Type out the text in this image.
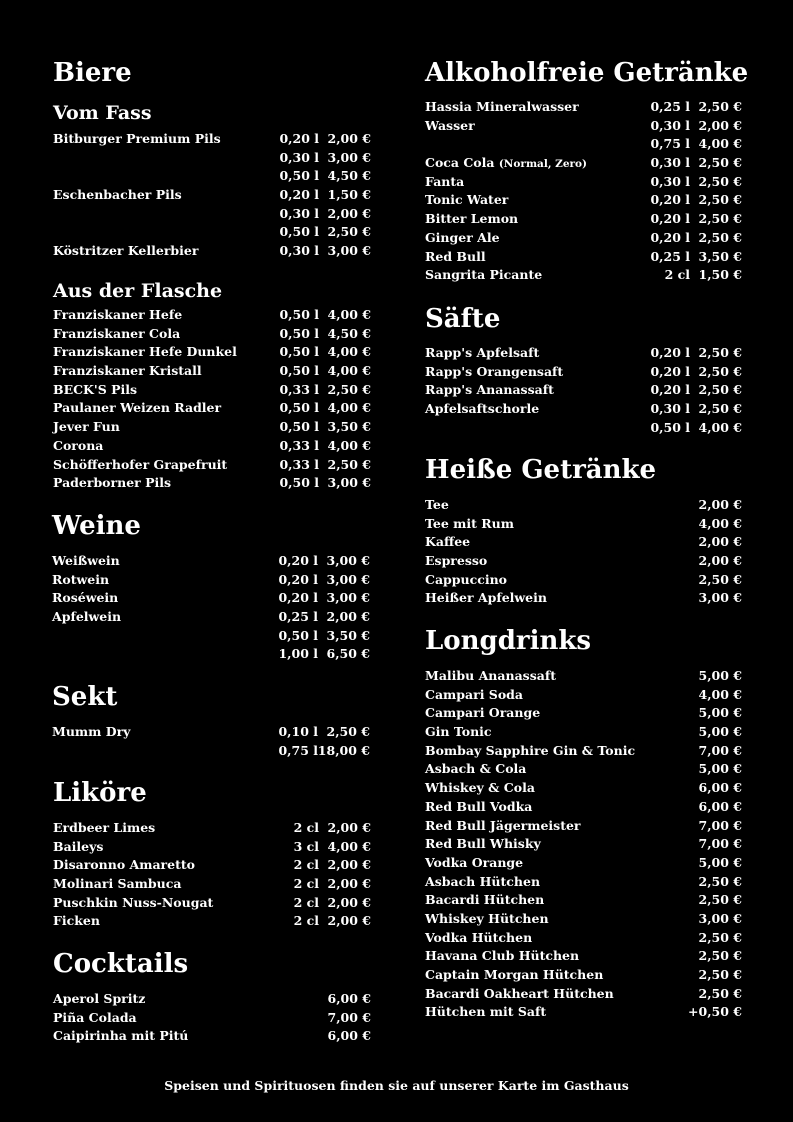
Biere
Vom Fass
Bitburger Premium Pils	0,20 l 2,00 €
0,30 l 3,00 €
0,50 l 4,50 €
Eschenbacher Pils	0,20 l 1,50 €
0,30 l 2,00 €
0,50 l 2,50 €
Köstritzer Kellerbier	0,30 l 3,00 €
Aus der Flasche
Franziskaner Hefe	0,50 l 4,00 €
Franziskaner Cola	0,50 l 4,50 €
Franziskaner Hefe Dunkel	0,50 l 4,00 €
Franziskaner Kristall	0,50 l 4,00 €
BECK'S Pils	0,33 l 2,50 €
Paulaner Weizen Radler	0,50 l 4,00 €
Jever Fun	0,50 l 3,50 €
Corona	0,33 l 4,00 €
Schöfferhofer Grapefruit	0,33 l 2,50 €
Paderborner Pils	0,50 l 3,00 €
Weine
Weißwein	0,20 l 3,00 €
Rotwein	0,20 l 3,00 €
Roséwein	0,20 l 3,00 €
Apfelwein	0,25 l 2,00 €
0,50 l 3,50 €
1,00 l 6,50 €
Sekt
Mumm Dry	0,10 l 2,50 €
0,75 l 18,00 €
Liköre
Erdbeer Limes	2 cl 2,00 €
Baileys	3 cl 4,00 €
Disaronno Amaretto	2 cl 2,00 €
Molinari Sambuca	2 cl 2,00 €
Puschkin Nuss-Nougat	2 cl 2,00 €
Ficken	2 cl 2,00 €
Cocktails
Aperol Spritz	6,00 €
Piña Colada	7,00 €
Caipirinha mit Pitú	6,00 €
Alkoholfreie Getränke
Hassia Mineralwasser	0,25 l 2,50 €
Wasser	0,30 l 2,00 €
0,75 l 4,00 €
Coca Cola (Normal, Zero)	0,30 l 2,50 €
Fanta	0,30 l 2,50 €
Tonic Water	0,20 l 2,50 €
Bitter Lemon	0,20 l 2,50 €
Ginger Ale	0,20 l 2,50 €
Red Bull	0,25 l 3,50 €
Sangrita Picante	2 cl 1,50 €
Säfte
Rapp's Apfelsaft	0,20 l 2,50 €
Rapp's Orangensaft	0,20 l 2,50 €
Rapp's Ananassaft	0,20 l 2,50 €
Apfelsaftschorle	0,30 l 2,50 €
0,50 l 4,00 €
Heiße Getränke
Tee	2,00 €
Tee mit Rum	4,00 €
Kaffee	2,00 €
Espresso	2,00 €
Cappuccino	2,50 €
Heißer Apfelwein	3,00 €
Longdrinks
Malibu Ananassaft	5,00 €
Campari Soda	4,00 €
Campari Orange	5,00 €
Gin Tonic	5,00 €
Bombay Sapphire Gin & Tonic	7,00 €
Asbach & Cola	5,00 €
Whiskey & Cola	6,00 €
Red Bull Vodka	6,00 €
Red Bull Jägermeister	7,00 €
Red Bull Whisky	7,00 €
Vodka Orange	5,00 €
Asbach Hütchen	2,50 €
Bacardi Hütchen	2,50 €
Whiskey Hütchen	3,00 €
Vodka Hütchen	2,50 €
Havana Club Hütchen	2,50 €
Captain Morgan Hütchen	2,50 €
Bacardi Oakheart Hütchen	2,50 €
Hütchen mit Saft	+0,50 €
Speisen und Spirituosen finden sie auf unserer Karte im Gasthaus
